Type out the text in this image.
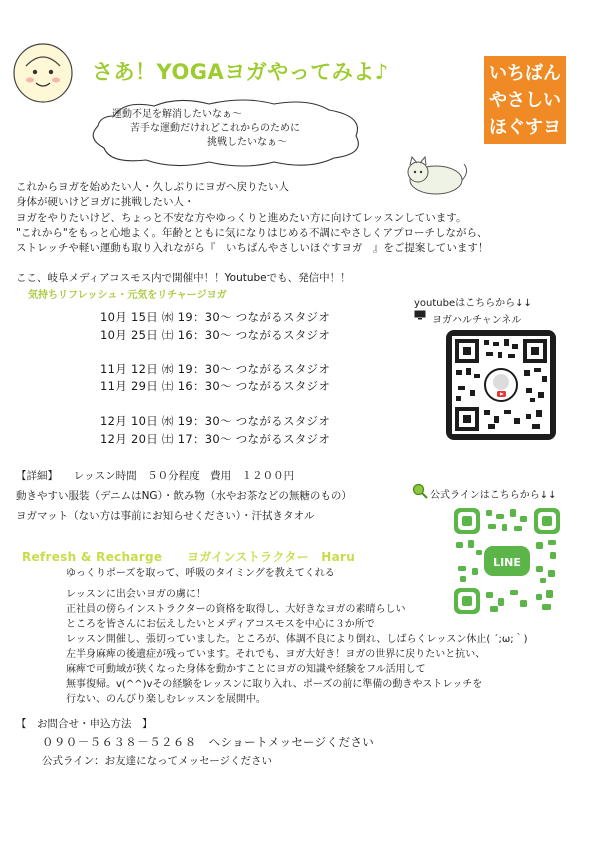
さあ！YOGAヨガやってみよ♪	いちばん
やさしい
ほぐすヨガ
運動不足を解消したいなぁ～
苦手な運動だけれどこれからのために
挑戦したいなぁ～
これからヨガを始めたい人・久しぶりにヨガへ戻りたい人
身体が硬いけどヨガに挑戦したい人・
ヨガをやりたいけど、ちょっと不安な方やゆっくりと進めたい方に向けてレッスンしています。
"これから"をもっと心地よく。年齢とともに気になりはじめる不調にやさしくアプローチしながら、
ストレッチや軽い運動も取り入れながら『　いちばんやさしいほぐすヨガ　』をご提案しています！
ここ、岐阜メディアコスモス内で開催中！！Youtubeでも、発信中！！
気持ちリフレッシュ・元気をリチャージヨガ
10月 15日 ㈬ 19：30～ つながるスタジオ
10月 25日 ㈯ 16：30～ つながるスタジオ
11月 12日 ㈬ 19：30～ つながるスタジオ
11月 29日 ㈯ 16：30～ つながるスタジオ
12月 10日 ㈬ 19：30～ つながるスタジオ
12月 20日 ㈯ 17：30～ つながるスタジオ
youtubeはこちらから↓↓
ヨガハルチャンネル
【詳細】　　レッスン時間　５０分程度　費用　１２００円
動きやすい服装（デニムはNG）・飲み物（水やお茶などの無糖のもの）
ヨガマット（ない方は事前にお知らせください）・汗拭きタオル
公式ラインはこちらから↓↓
LINE
Refresh & Recharge　　ヨガインストラクター　Haru
ゆっくりポーズを取って、呼吸のタイミングを教えてくれる
レッスンに出会いヨガの虜に！
正社員の傍らインストラクターの資格を取得し、大好きなヨガの素晴らしい
ところを皆さんにお伝えしたいとメディアコスモスを中心に３か所で
レッスン開催し、張切っていました。ところが、体調不良により倒れ、しばらくレッスン休止( ´;ω;｀)
左半身麻痺の後遺症が残っています。それでも、ヨガ大好き！ヨガの世界に戻りたいと抗い、
麻痺で可動域が狭くなった身体を動かすことにヨガの知識や経験をフル活用して
無事復帰。v(^^)vその経験をレッスンに取り入れ、ポーズの前に準備の動きやストレッチを
行ない、のんびり楽しむレッスンを展開中。
【　お問合せ・申込方法　】
０９０－５６３８－５２６８　へショートメッセージください
公式ライン：お友達になってメッセージください
